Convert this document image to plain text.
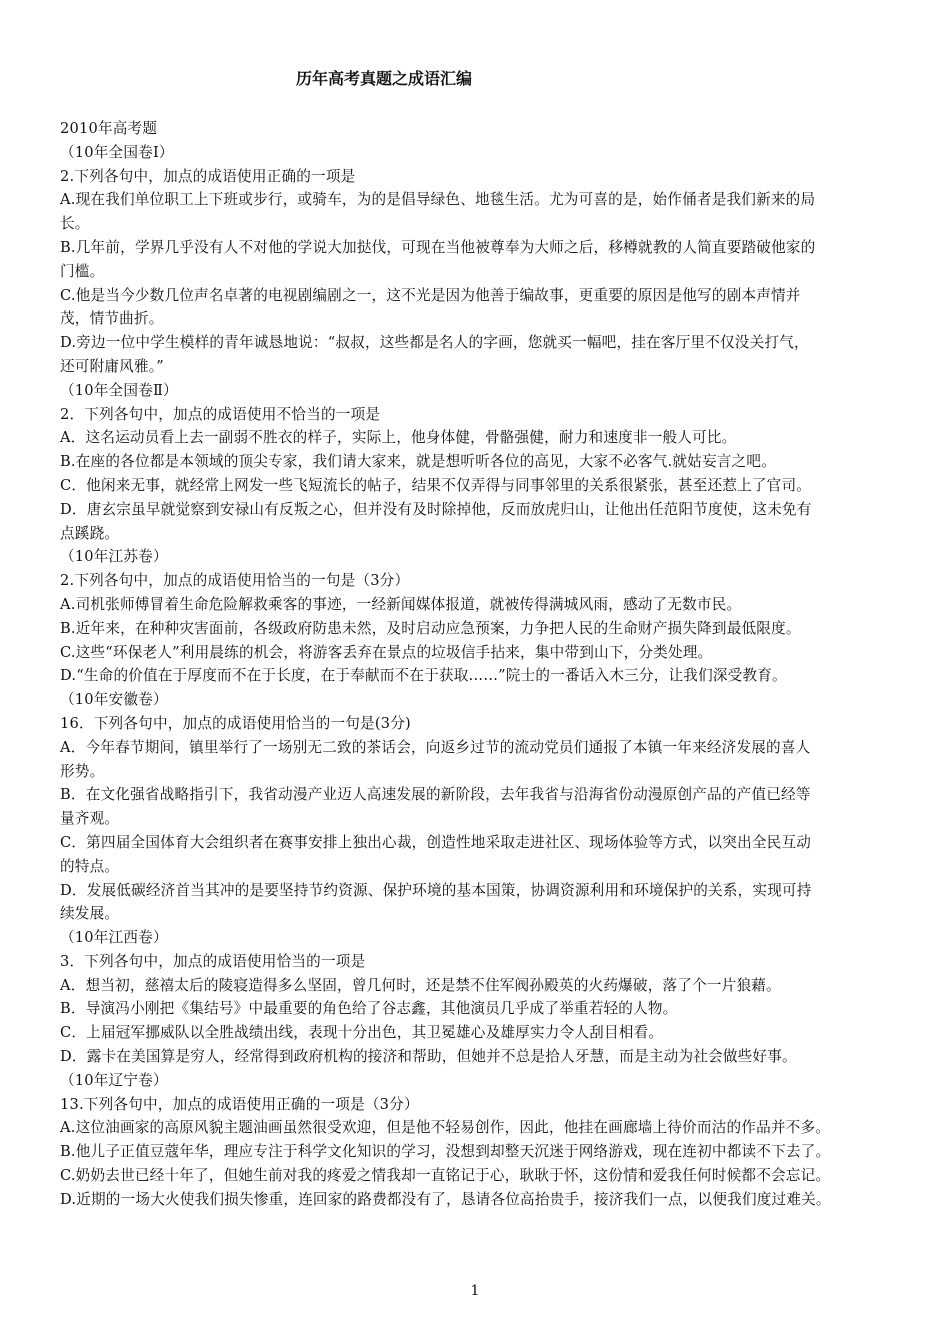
历年高考真题之成语汇编

2010年高考题

（10年全国卷Ⅰ）

2.下列各句中，加点的成语使用正确的一项是

A.现在我们单位职工上下班或步行，或骑车，为的是倡导绿色、地毯生活。尤为可喜的是，始作俑者是我们新来的局

长。

B.几年前，学界几乎没有人不对他的学说大加挞伐，可现在当他被尊奉为大师之后，移樽就教的人简直要踏破他家的

门槛。

C.他是当今少数几位声名卓著的电视剧编剧之一，这不光是因为他善于编故事，更重要的原因是他写的剧本声情并

茂，情节曲折。

D.旁边一位中学生模样的青年诚恳地说：“叔叔，这些都是名人的字画，您就买一幅吧，挂在客厅里不仅没关打气，

还可附庸风雅。”

（10年全国卷Ⅱ）

2．下列各句中，加点的成语使用不恰当的一项是

A．这名运动员看上去一副弱不胜衣的样子，实际上，他身体健，骨骼强健，耐力和速度非一般人可比。

B.在座的各位都是本领域的顶尖专家，我们请大家来，就是想听听各位的高见，大家不必客气.就姑妄言之吧。

C．他闲来无事，就经常上网发一些飞短流长的帖子，结果不仅弄得与同事邻里的关系很紧张，甚至还惹上了官司。

D．唐玄宗虽早就觉察到安禄山有反叛之心，但并没有及时除掉他，反而放虎归山，让他出任范阳节度使，这未免有

点蹊跷。

（10年江苏卷）

2.下列各句中，加点的成语使用恰当的一句是（3分）

A.司机张师傅冒着生命危险解救乘客的事迹，一经新闻媒体报道，就被传得满城风雨，感动了无数市民。

B.近年来，在种种灾害面前，各级政府防患未然，及时启动应急预案，力争把人民的生命财产损失降到最低限度。

C.这些“环保老人”利用晨练的机会，将游客丢弃在景点的垃圾信手拈来，集中带到山下，分类处理。

D.“生命的价值在于厚度而不在于长度，在于奉献而不在于获取……”院士的一番话入木三分，让我们深受教育。

（10年安徽卷）

16．下列各句中，加点的成语使用恰当的一句是(3分)

A．今年春节期间，镇里举行了一场别无二致的茶话会，向返乡过节的流动党员们通报了本镇一年来经济发展的喜人

形势。

B．在文化强省战略指引下，我省动漫产业迈人高速发展的新阶段，去年我省与沿海省份动漫原创产品的产值已经等

量齐观。

C．第四届全国体育大会组织者在赛事安排上独出心裁，创造性地采取走进社区、现场体验等方式，以突出全民互动

的特点。

D．发展低碳经济首当其冲的是要坚持节约资源、保护环境的基本国策，协调资源利用和环境保护的关系，实现可持

续发展。

（10年江西卷）

3．下列各句中，加点的成语使用恰当的一项是

A．想当初，慈禧太后的陵寝造得多么坚固，曾几何时，还是禁不住军阀孙殿英的火药爆破，落了个一片狼藉。

B．导演冯小刚把《集结号》中最重要的角色给了谷志鑫，其他演员几乎成了举重若轻的人物。

C．上届冠军挪威队以全胜战绩出线，表现十分出色，其卫冕雄心及雄厚实力令人刮目相看。

D．露卡在美国算是穷人，经常得到政府机构的接济和帮助，但她并不总是拾人牙慧，而是主动为社会做些好事。

（10年辽宁卷）

13.下列各句中，加点的成语使用正确的一项是（3分）

A.这位油画家的高原风貌主题油画虽然很受欢迎，但是他不轻易创作，因此，他挂在画廊墙上待价而沽的作品并不多。

B.他儿子正值豆蔻年华，理应专注于科学文化知识的学习，没想到却整天沉迷于网络游戏，现在连初中都读不下去了。

C.奶奶去世已经十年了，但她生前对我的疼爱之情我却一直铭记于心，耿耿于怀，这份情和爱我任何时候都不会忘记。

D.近期的一场大火使我们损失惨重，连回家的路费都没有了，恳请各位高抬贵手，接济我们一点，以便我们度过难关。

1
